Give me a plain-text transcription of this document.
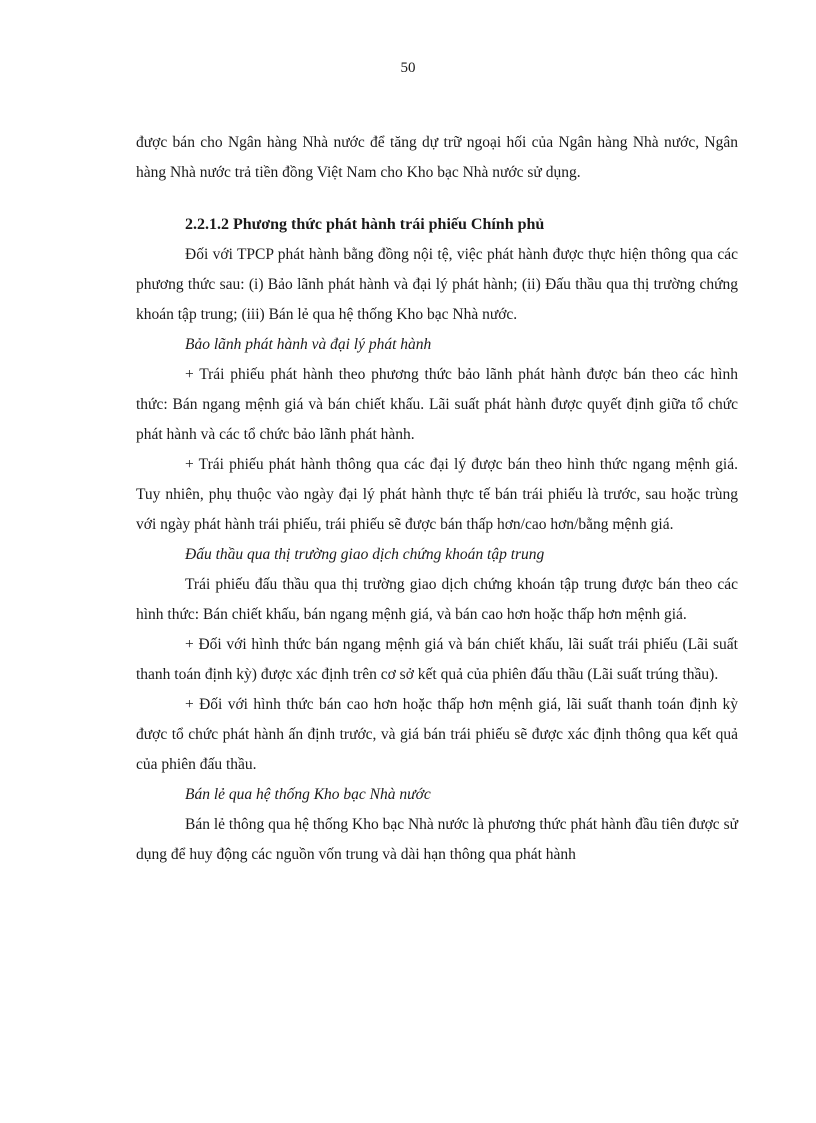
50

được bán cho Ngân hàng Nhà nước để tăng dự trữ ngoại hối của Ngân hàng Nhà nước, Ngân hàng Nhà nước trả tiền đồng Việt Nam cho Kho bạc Nhà nước sử dụng.

2.2.1.2 Phương thức phát hành trái phiếu Chính phủ

Đối với TPCP phát hành bằng đồng nội tệ, việc phát hành được thực hiện thông qua các phương thức sau: (i) Bảo lãnh phát hành và đại lý phát hành; (ii) Đấu thầu qua thị trường chứng khoán tập trung; (iii) Bán lẻ qua hệ thống Kho bạc Nhà nước.

Bảo lãnh phát hành và đại lý phát hành

+ Trái phiếu phát hành theo phương thức bảo lãnh phát hành được bán theo các hình thức: Bán ngang mệnh giá và bán chiết khấu. Lãi suất phát hành được quyết định giữa tổ chức phát hành và các tổ chức bảo lãnh phát hành.

+ Trái phiếu phát hành thông qua các đại lý được bán theo hình thức ngang mệnh giá. Tuy nhiên, phụ thuộc vào ngày đại lý phát hành thực tế bán trái phiếu là trước, sau hoặc trùng với ngày phát hành trái phiếu, trái phiếu sẽ được bán thấp hơn/cao hơn/bằng mệnh giá.

Đấu thầu qua thị trường giao dịch chứng khoán tập trung

Trái phiếu đấu thầu qua thị trường giao dịch chứng khoán tập trung được bán theo các hình thức: Bán chiết khấu, bán ngang mệnh giá, và bán cao hơn hoặc thấp hơn mệnh giá.

+ Đối với hình thức bán ngang mệnh giá và bán chiết khấu, lãi suất trái phiếu (Lãi suất thanh toán định kỳ) được xác định trên cơ sở kết quả của phiên đấu thầu (Lãi suất trúng thầu).

+ Đối với hình thức bán cao hơn hoặc thấp hơn mệnh giá, lãi suất thanh toán định kỳ được tổ chức phát hành ấn định trước, và giá bán trái phiếu sẽ được xác định thông qua kết quả của phiên đấu thầu.

Bán lẻ qua hệ thống Kho bạc Nhà nước

Bán lẻ thông qua hệ thống Kho bạc Nhà nước là phương thức phát hành đầu tiên được sử dụng để huy động các nguồn vốn trung và dài hạn thông qua phát hành
